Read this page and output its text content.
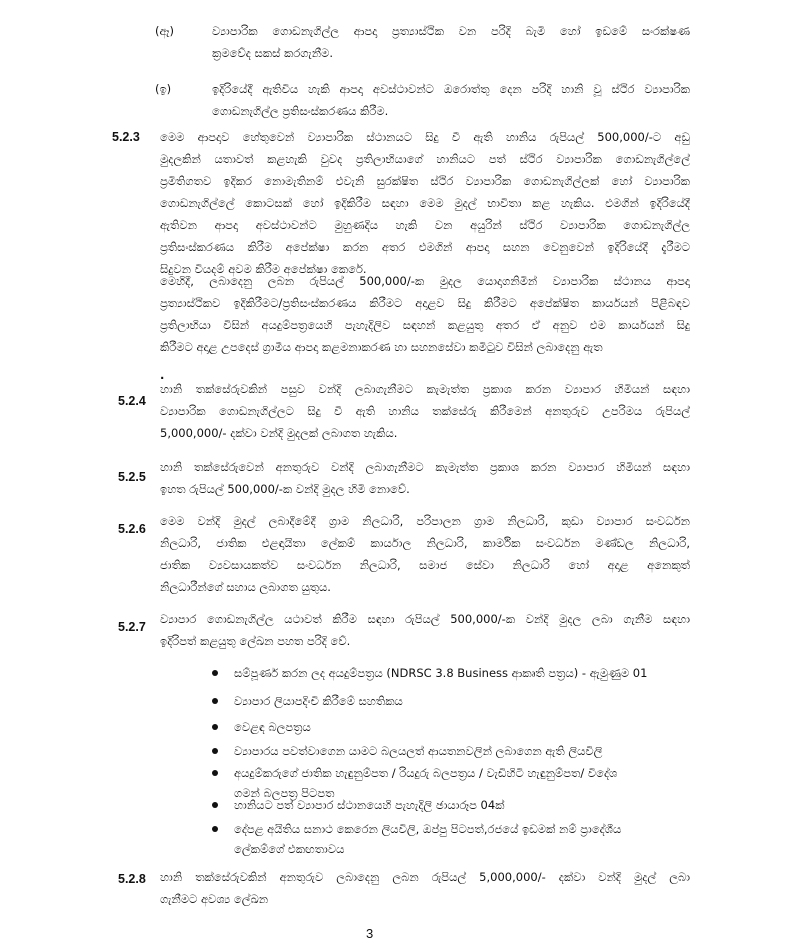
(ඈ)	ව්‍යාපාරික ගොඩනැගිල්ල ආපදා ප්‍රත්‍යාස්ථික වන පරිදි බැමි හෝ ඉඩමේ සංරක්ෂණ
ක්‍රමවේද සකස් කරගැනීම.
(ඉ)	ඉදිරියේදී ඇතිවිය හැකි ආපදා අවස්ථාවන්ට ඔරොත්තු දෙන පරිදි හානි වූ ස්ථිර ව්‍යාපාරික
ගොඩනැගිල්ල ප්‍රතිසංස්කරණය කිරීම.
5.2.3 මෙම ආපදාව හේතුවෙන් ව්‍යාපාරික ස්ථානයට සිදු වී ඇති හානිය රුපියල් 500,000/-ට අඩු
මුදලකින් යතාවත් කළහැකි වුවද ප්‍රතිලාභියාගේ හානියට පත් ස්ථිර ව්‍යාපාරික ගොඩනැගිල්ලේ
ප්‍රමිතිගතව ඉදිකර නොමැතිනම් එවැනි සුරක්ෂිත ස්ථිර ව්‍යාපාරික ගොඩනැගිල්ලක් හෝ ව්‍යාපාරික
ගොඩනැගිල්ලේ කොටසක් හෝ ඉදිකිරීම සඳහා මෙම මුදල් භාවිතා කළ හැකිය. එමගින් ඉදිරියේදී
ඇතිවන ආපදා අවස්ථාවන්ට මුහුණදිය හැකි වන අයුරින් ස්ථිර ව්‍යාපාරික ගොඩනැගිල්ල
ප්‍රතිසංස්කරණය කිරීම අපේක්ෂා කරන අතර එමගින් ආපදා සහන වෙනුවෙන් ඉදිරියේදී දැරීමට
සිදුවන වියදම් අවම කිරීම අපේක්ෂා කෙරේ.
මෙහිදී, ලබාදෙනු ලබන රුපියල් 500,000/-ක මුදල යොදාගනිමින් ව්‍යාපාරික ස්ථානය ආපදා
ප්‍රත්‍යාස්ථිකව ඉදිකිරීමට/ප්‍රතිසංස්කරණය කිරීමට අදාළව සිදු කිරීමට අපේක්ෂිත කාර්යයන් පිළිබඳව
ප්‍රතිලාභියා විසින් අයදුම්පත්‍රයෙහි පැහැදිලිව සඳහන් කළයුතු අතර ඒ අනුව එම කාර්යයන් සිදු
කිරීමට අදාළ උපදෙස් ග්‍රාමීය ආපදා කළමනාකරණ හා සහනසේවා කමිටුව විසින් ලබාදෙනු ඇත
.
5.2.4
හානි තක්සේරුවකින් පසුව වන්දි ලබාගැනීමට කැමැත්ත ප්‍රකාශ කරන ව්‍යාපාර හිමියන් සඳහා
ව්‍යාපාරික ගොඩනැගිල්ලට සිදු වී ඇති හානිය තක්සේරු කිරීමෙන් අනතුරුව උපරිමය රුපියල්
5,000,000/- දක්වා වන්දි මුදලක් ලබාගත හැකිය.
5.2.5
හානි තක්සේරුවෙන් අනතුරුව වන්දි ලබාගැනීමට කැමැත්ත ප්‍රකාශ කරන ව්‍යාපාර හිමියන් සඳහා
ඉහත රුපියල් 500,000/-ක වන්දි මුදල හිමි නොවේ.
5.2.6
මෙම වන්දි මුදල් ලබාදීමේදී ග්‍රාම නිලධාරි, පරිපාලන ග්‍රාම නිලධාරි, කුඩා ව්‍යාපාර සංවර්ධන
නිලධාරි, ජාතික එළඳායිතා ලේකම් කාර්යාල නිලධාරි, කාර්මික සංවර්ධන මණ්ඩල නිලධාරි,
ජාතික ව්‍යවසායකත්ව සංවර්ධන නිලධාරි, සමාජ සේවා නිලධාරි හෝ අදාළ අනෙකුත්
නිලධාරීන්ගේ සහාය ලබාගත යුතුය.
5.2.7
ව්‍යාපාර ගොඩනැගිල්ල යථාවත් කිරීම සඳහා රුපියල් 500,000/-ක වන්දි මුදල ලබා ගැනීම සඳහා
ඉදිරිපත් කළයුතු ලේඛන පහත පරිදි වේ.
සම්පූර්ණ කරන ලද අයදුම්පත්‍රය (NDRSC 3.8 Business ආකෘති පත්‍රය) - ඇමුණුම 01
ව්‍යාපාර ලියාපදිංචි කිරීමේ සහතිකය
වෙළඳ බලපත්‍රය
ව්‍යාපාරය පවත්වාගෙන යාමට බලයලත් ආයතනවලින් ලබාගෙන ඇති ලියවිලි
අයදුම්කරුගේ ජාතික හැඳුනුම්පත / රියදුරු බලපත්‍රය / වැඩිහිටි හැඳුනුම්පත/ විදේශ
ගමන් බලපත්‍ර පිටපත
හානියට පත් ව්‍යාපාර ස්ථානයෙහි පැහැදිලි ඡායාරූප 04ක්
දේපළ අයිතිය සනාථ කෙරෙන ලියවිලි, ඔප්පු පිටපත්,රජයේ ඉඩමක් නම් ප්‍රාදේශීය
ලේකම්ගේ එකඟතාවය
5.2.8 හානි තක්සේරුවකින් අනතුරුව ලබාදෙනු ලබන රුපියල් 5,000,000/- දක්වා වන්දි මුදල් ලබා
ගැනීමට අවශ්‍ය ලේඛන
3
